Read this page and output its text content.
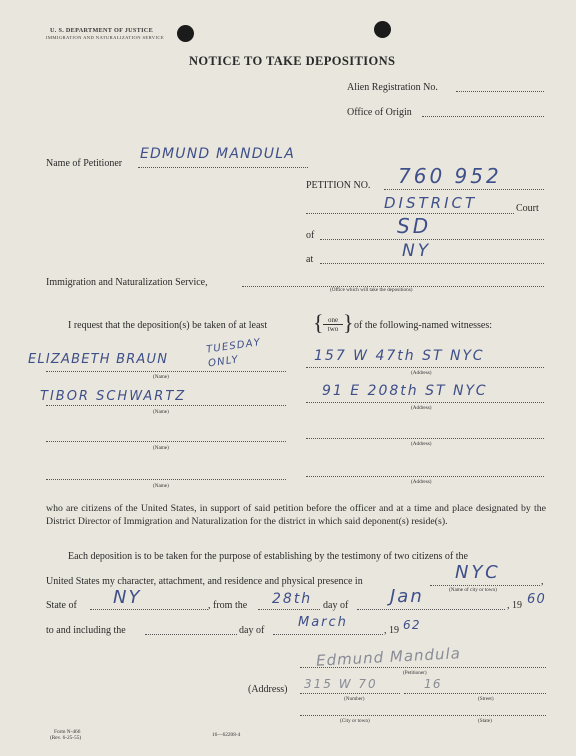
U. S. DEPARTMENT OF JUSTICE
IMMIGRATION AND NATURALIZATION SERVICE
NOTICE TO TAKE DEPOSITIONS
Alien Registration No.
Office of Origin
Name of Petitioner
EDMUND MANDULA
PETITION NO. 760 952
DISTRICT	Court
of	SD
at	NY
Immigration and Naturalization Service,
(Office which will take the depositions)
I request that the deposition(s) be taken of at least { one
two } of the following-named witnesses:
ELIZABETH BRAUN
TUESDAY ONLY
(Name)
157 W 47th ST NYC
(Address)
TIBOR SCHWARTZ
(Name)
91 E 208th ST NYC
(Address)
(Name)
(Address)
(Name)
(Address)
who are citizens of the United States, in support of said petition before the officer and at a time and place designated by the District Director of Immigration and Naturalization for the district in which said deponent(s) reside(s).
Each deposition is to be taken for the purpose of establishing by the testimony of two citizens of the
United States my character, attachment, and residence and physical presence in	NYC	,
(Name of city or town)
State of NY	, from the 28th day of Jan	, 19 60
to and including the	day of
March
, 19 62
Edmund Mandula
(Petitioner)
(Address) 315 W 70	16
(Number)	(Street)
(City or town)	(State)
Form N-466
(Rev. 6-25-55)	16—62208-4
